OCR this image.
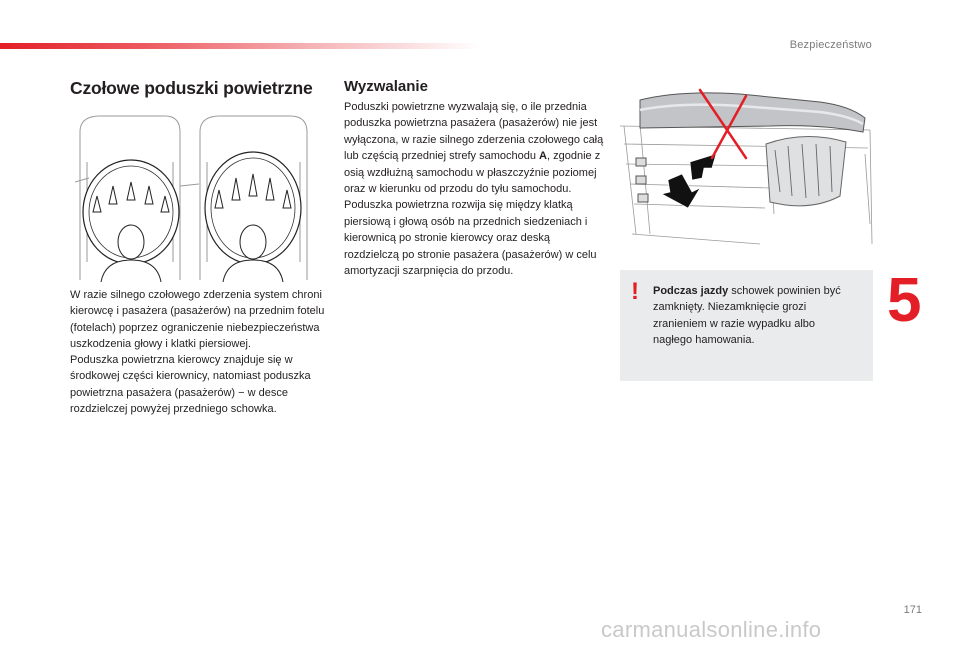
Bezpieczeństwo
5
171
Czołowe poduszki powietrzne

W razie silnego czołowego zderzenia system chroni kierowcę i pasażera (pasażerów) na przednim fotelu (fotelach) poprzez ograniczenie niebezpieczeństwa uszkodzenia głowy i klatki piersiowej.

Poduszka powietrzna kierowcy znajduje się w środkowej części kierownicy, natomiast poduszka powietrzna pasażera (pasażerów) − w desce rozdzielczej powyżej przedniego schowka.

Wyzwalanie

Poduszki powietrzne wyzwalają się, o ile przednia poduszka powietrzna pasażera (pasażerów) nie jest wyłączona, w razie silnego zderzenia czołowego całą lub częścią przedniej strefy samochodu A, zgodnie z osią wzdłużną samochodu w płaszczyźnie poziomej oraz w kierunku od przodu do tyłu samochodu. Poduszka powietrzna rozwija się między klatką piersiową i głową osób na przednich siedzeniach i kierownicą po stronie kierowcy oraz deską rozdzielczą po stronie pasażera (pasażerów) w celu amortyzacji szarpnięcia do przodu.

! Podczas jazdy schowek powinien być zamknięty. Niezamknięcie grozi zranieniem w razie wypadku albo nagłego hamowania.

carmanualsonline.info
